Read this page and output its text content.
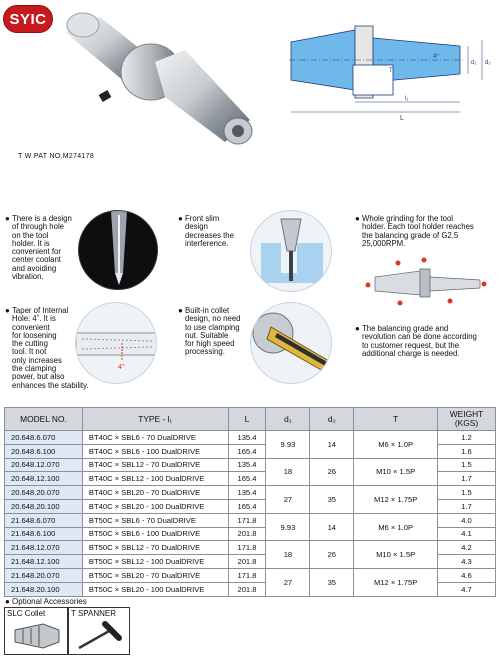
SYIC
T W PAT NO.M274178
L
l₁
d₁ d₂
T
4°
● There is a design
of through hole
on the tool
holder. It is
convenient for
center coolant
and avoiding
vibration.
● Front slim
design
decreases the
interference.
● Whole grinding for the tool
holder. Each tool holder reaches
the balancing grade of G2.5
25,000RPM.
● Taper of Internal
Hole: 4˚. It is
convenient
for loosening
the cutting
tool. It not
only increases
the clamping
power, but also
enhances the stability.
4°
● Built-in collet
design, no need
to use clamping
nut. Suitable
for high speed
processing.
● The balancing grade and
revolution can be done according
to customer request, but the
additional charge is needed.
MODEL NO.	TYPE - l₁	L	d₁	d₂	T	WEIGHT
(KGS)
20.648.6.070	BT40C × SBL6 - 70 DualDRIVE	135.4	9.93	14	M6 × 1.0P	1.2
20.648.6.100	BT40C × SBL6 - 100 DualDRIVE	165.4				1.6
20.648.12.070	BT40C × SBL12 - 70 DualDRIVE	135.4	18	26	M10 × 1.5P	1.5
20.648.12.100	BT40C × SBL12 - 100 DualDRIVE	165.4				1.7
20.648.20.070	BT40C × SBL20 - 70 DualDRIVE	135.4	27	35	M12 × 1.75P	1.5
20.648.20.100	BT40C × SBL20 - 100 DualDRIVE	165.4				1.7
21.648.6.070	BT50C × SBL6 - 70 DualDRIVE	171.8	9.93	14	M6 × 1.0P	4.0
21.648.6.100	BT50C × SBL6 - 100 DualDRIVE	201.8				4.1
21.648.12.070	BT50C × SBL12 - 70 DualDRIVE	171.8	18	26	M10 × 1.5P	4.2
21.648.12.100	BT50C × SBL12 - 100 DualDRIVE	201.8				4.3
21.648.20.070	BT50C × SBL20 - 70 DualDRIVE	171.8	27	35	M12 × 1.75P	4.6
21.648.20.100	BT50C × SBL20 - 100 DualDRIVE	201.8				4.7
● Optional Accessories
SLC Collet	T SPANNER
